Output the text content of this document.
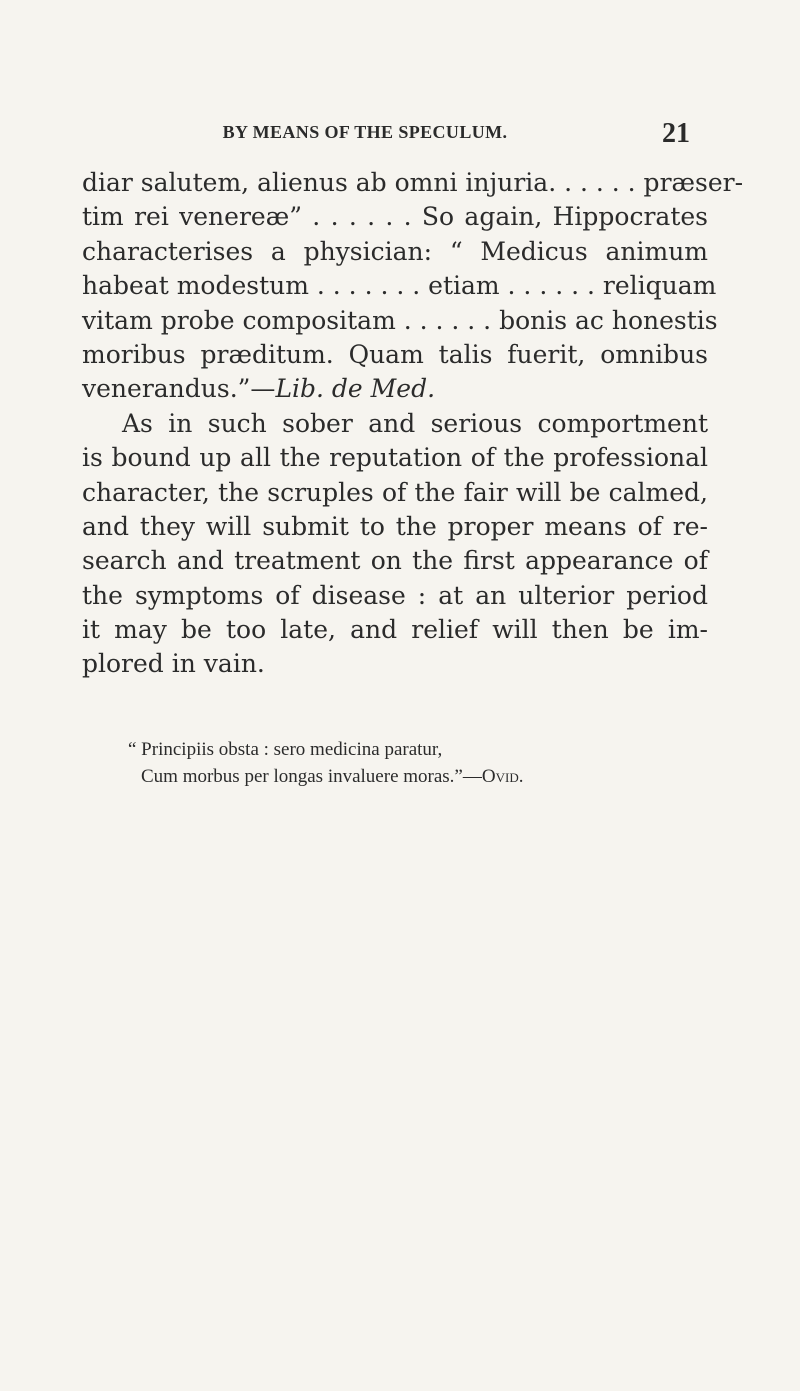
BY MEANS OF THE SPECULUM.	21
diar salutem, alienus ab omni injuria. . . . . . præser-
tim rei venereæ” . . . . . . So again, Hippocrates
characterises a physician: “ Medicus animum
habeat modestum . . . . . . . etiam . . . . . . reliquam
vitam probe compositam . . . . . . bonis ac honestis
moribus præditum. Quam talis fuerit, omnibus
venerandus.”—Lib. de Med.
As in such sober and serious comportment
is bound up all the reputation of the professional
character, the scruples of the fair will be calmed,
and they will submit to the proper means of re-
search and treatment on the first appearance of
the symptoms of disease : at an ulterior period
it may be too late, and relief will then be im-
plored in vain.
“ Principiis obsta : sero medicina paratur,
Cum morbus per longas invaluere moras.”—Ovid.
